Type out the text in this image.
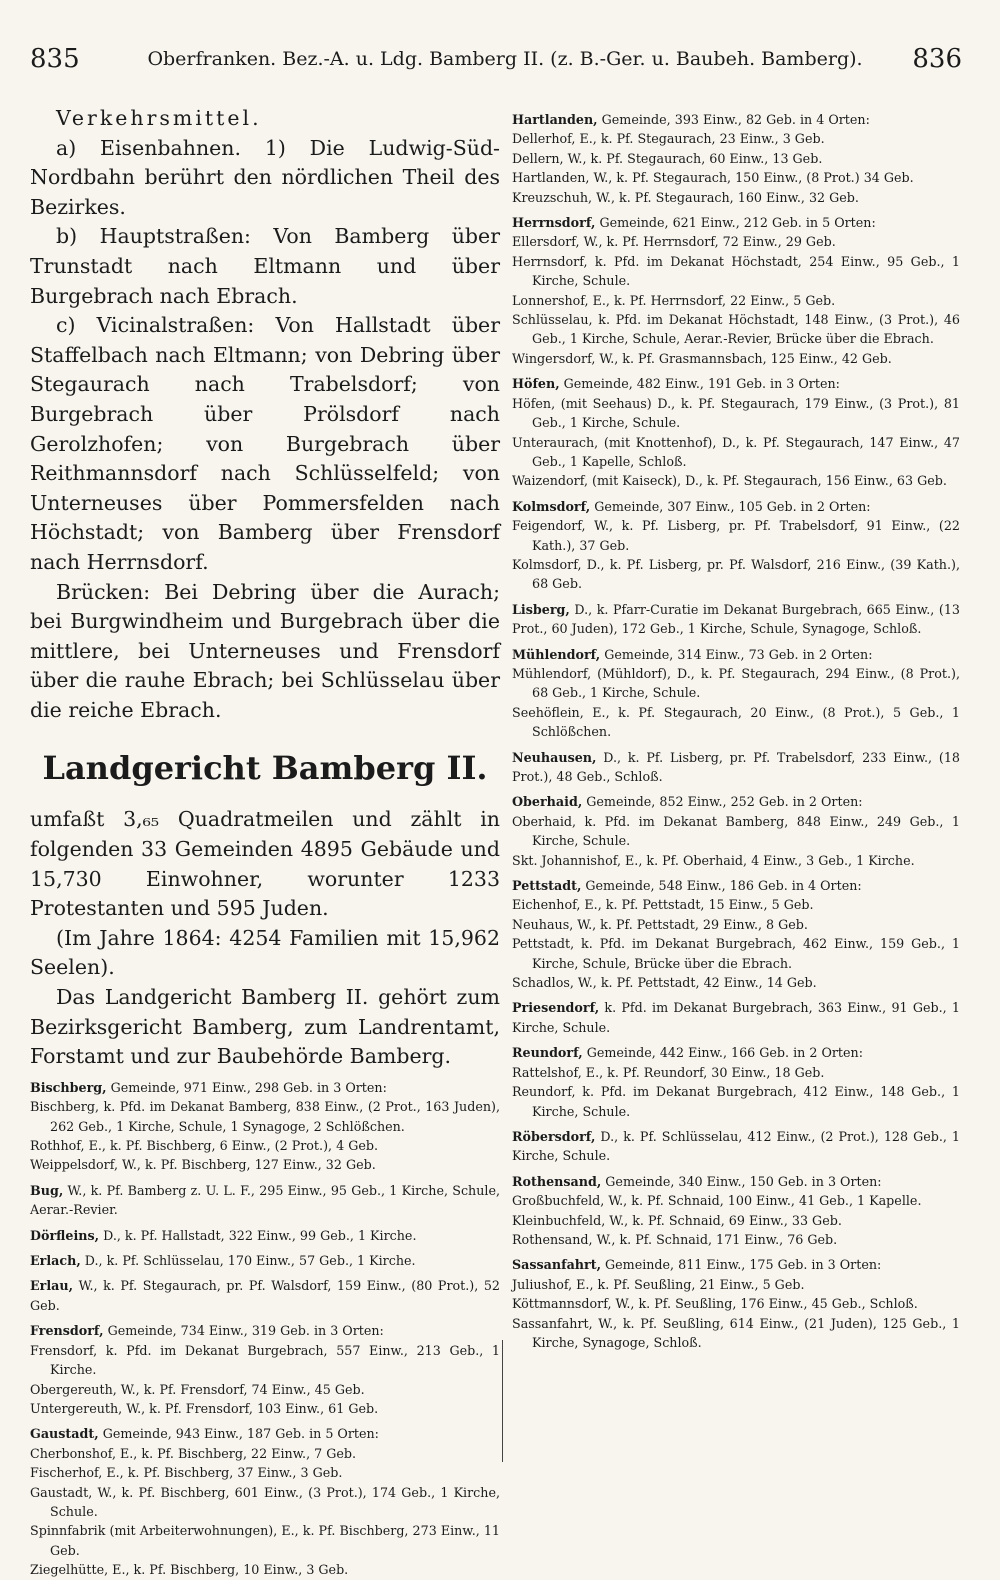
835	Oberfranken. Bez.-A. u. Ldg. Bamberg II. (z. B.-Ger. u. Baubeh. Bamberg). 836

Verkehrsmittel.

a) Eisenbahnen. 1) Die Ludwig-Süd-Nordbahn berührt den nördlichen Theil des Bezirkes.

b) Hauptstraßen: Von Bamberg über Trunstadt nach Eltmann und über Burgebrach nach Ebrach.

c) Vicinalstraßen: Von Hallstadt über Staffelbach nach Eltmann; von Debring über Stegaurach nach Trabelsdorf; von Burgebrach über Prölsdorf nach Gerolzhofen; von Burgebrach über Reithmannsdorf nach Schlüsselfeld; von Unterneuses über Pommersfelden nach Höchstadt; von Bamberg über Frensdorf nach Herrnsdorf.

Brücken: Bei Debring über die Aurach; bei Burgwindheim und Burgebrach über die mittlere, bei Unterneuses und Frensdorf über die rauhe Ebrach; bei Schlüsselau über die reiche Ebrach.

Landgericht Bamberg II.

umfaßt 3,₆₅ Quadratmeilen und zählt in folgenden 33 Gemeinden 4895 Gebäude und 15,730 Einwohner, worunter 1233 Protestanten und 595 Juden.

(Im Jahre 1864: 4254 Familien mit 15,962 Seelen).

Das Landgericht Bamberg II. gehört zum Bezirksgericht Bamberg, zum Landrentamt, Forstamt und zur Baubehörde Bamberg.

Bischberg, Gemeinde, 971 Einw., 298 Geb. in 3 Orten:

Bischberg, k. Pfd. im Dekanat Bamberg, 838 Einw., (2 Prot., 163 Juden), 262 Geb., 1 Kirche, Schule, 1 Synagoge, 2 Schlößchen.

Rothhof, E., k. Pf. Bischberg, 6 Einw., (2 Prot.), 4 Geb.

Weippelsdorf, W., k. Pf. Bischberg, 127 Einw., 32 Geb.

Bug, W., k. Pf. Bamberg z. U. L. F., 295 Einw., 95 Geb., 1 Kirche, Schule, Aerar.-Revier.

Dörfleins, D., k. Pf. Hallstadt, 322 Einw., 99 Geb., 1 Kirche.

Erlach, D., k. Pf. Schlüsselau, 170 Einw., 57 Geb., 1 Kirche.

Erlau, W., k. Pf. Stegaurach, pr. Pf. Walsdorf, 159 Einw., (80 Prot.), 52 Geb.

Frensdorf, Gemeinde, 734 Einw., 319 Geb. in 3 Orten:

Frensdorf, k. Pfd. im Dekanat Burgebrach, 557 Einw., 213 Geb., 1 Kirche.

Obergereuth, W., k. Pf. Frensdorf, 74 Einw., 45 Geb.

Untergereuth, W., k. Pf. Frensdorf, 103 Einw., 61 Geb.

Gaustadt, Gemeinde, 943 Einw., 187 Geb. in 5 Orten:

Cherbonshof, E., k. Pf. Bischberg, 22 Einw., 7 Geb.

Fischerhof, E., k. Pf. Bischberg, 37 Einw., 3 Geb.

Gaustadt, W., k. Pf. Bischberg, 601 Einw., (3 Prot.), 174 Geb., 1 Kirche, Schule.

Spinnfabrik (mit Arbeiterwohnungen), E., k. Pf. Bischberg, 273 Einw., 11 Geb.

Ziegelhütte, E., k. Pf. Bischberg, 10 Einw., 3 Geb.

Hartlanden, Gemeinde, 393 Einw., 82 Geb. in 4 Orten:

Dellerhof, E., k. Pf. Stegaurach, 23 Einw., 3 Geb.

Dellern, W., k. Pf. Stegaurach, 60 Einw., 13 Geb.

Hartlanden, W., k. Pf. Stegaurach, 150 Einw., (8 Prot.) 34 Geb.

Kreuzschuh, W., k. Pf. Stegaurach, 160 Einw., 32 Geb.

Herrnsdorf, Gemeinde, 621 Einw., 212 Geb. in 5 Orten:

Ellersdorf, W., k. Pf. Herrnsdorf, 72 Einw., 29 Geb.

Herrnsdorf, k. Pfd. im Dekanat Höchstadt, 254 Einw., 95 Geb., 1 Kirche, Schule.

Lonnershof, E., k. Pf. Herrnsdorf, 22 Einw., 5 Geb.

Schlüsselau, k. Pfd. im Dekanat Höchstadt, 148 Einw., (3 Prot.), 46 Geb., 1 Kirche, Schule, Aerar.-Revier, Brücke über die Ebrach.

Wingersdorf, W., k. Pf. Grasmannsbach, 125 Einw., 42 Geb.

Höfen, Gemeinde, 482 Einw., 191 Geb. in 3 Orten:

Höfen, (mit Seehaus) D., k. Pf. Stegaurach, 179 Einw., (3 Prot.), 81 Geb., 1 Kirche, Schule.

Unteraurach, (mit Knottenhof), D., k. Pf. Stegaurach, 147 Einw., 47 Geb., 1 Kapelle, Schloß.

Waizendorf, (mit Kaiseck), D., k. Pf. Stegaurach, 156 Einw., 63 Geb.

Kolmsdorf, Gemeinde, 307 Einw., 105 Geb. in 2 Orten:

Feigendorf, W., k. Pf. Lisberg, pr. Pf. Trabelsdorf, 91 Einw., (22 Kath.), 37 Geb.

Kolmsdorf, D., k. Pf. Lisberg, pr. Pf. Walsdorf, 216 Einw., (39 Kath.), 68 Geb.

Lisberg, D., k. Pfarr-Curatie im Dekanat Burgebrach, 665 Einw., (13 Prot., 60 Juden), 172 Geb., 1 Kirche, Schule, Synagoge, Schloß.

Mühlendorf, Gemeinde, 314 Einw., 73 Geb. in 2 Orten:

Mühlendorf, (Mühldorf), D., k. Pf. Stegaurach, 294 Einw., (8 Prot.), 68 Geb., 1 Kirche, Schule.

Seehöflein, E., k. Pf. Stegaurach, 20 Einw., (8 Prot.), 5 Geb., 1 Schlößchen.

Neuhausen, D., k. Pf. Lisberg, pr. Pf. Trabelsdorf, 233 Einw., (18 Prot.), 48 Geb., Schloß.

Oberhaid, Gemeinde, 852 Einw., 252 Geb. in 2 Orten:

Oberhaid, k. Pfd. im Dekanat Bamberg, 848 Einw., 249 Geb., 1 Kirche, Schule.

Skt. Johannishof, E., k. Pf. Oberhaid, 4 Einw., 3 Geb., 1 Kirche.

Pettstadt, Gemeinde, 548 Einw., 186 Geb. in 4 Orten:

Eichenhof, E., k. Pf. Pettstadt, 15 Einw., 5 Geb.

Neuhaus, W., k. Pf. Pettstadt, 29 Einw., 8 Geb.

Pettstadt, k. Pfd. im Dekanat Burgebrach, 462 Einw., 159 Geb., 1 Kirche, Schule, Brücke über die Ebrach.

Schadlos, W., k. Pf. Pettstadt, 42 Einw., 14 Geb.

Priesendorf, k. Pfd. im Dekanat Burgebrach, 363 Einw., 91 Geb., 1 Kirche, Schule.

Reundorf, Gemeinde, 442 Einw., 166 Geb. in 2 Orten:

Rattelshof, E., k. Pf. Reundorf, 30 Einw., 18 Geb.

Reundorf, k. Pfd. im Dekanat Burgebrach, 412 Einw., 148 Geb., 1 Kirche, Schule.

Röbersdorf, D., k. Pf. Schlüsselau, 412 Einw., (2 Prot.), 128 Geb., 1 Kirche, Schule.

Rothensand, Gemeinde, 340 Einw., 150 Geb. in 3 Orten:

Großbuchfeld, W., k. Pf. Schnaid, 100 Einw., 41 Geb., 1 Kapelle.

Kleinbuchfeld, W., k. Pf. Schnaid, 69 Einw., 33 Geb.

Rothensand, W., k. Pf. Schnaid, 171 Einw., 76 Geb.

Sassanfahrt, Gemeinde, 811 Einw., 175 Geb. in 3 Orten:

Juliushof, E., k. Pf. Seußling, 21 Einw., 5 Geb.

Köttmannsdorf, W., k. Pf. Seußling, 176 Einw., 45 Geb., Schloß.

Sassanfahrt, W., k. Pf. Seußling, 614 Einw., (21 Juden), 125 Geb., 1 Kirche, Synagoge, Schloß.
